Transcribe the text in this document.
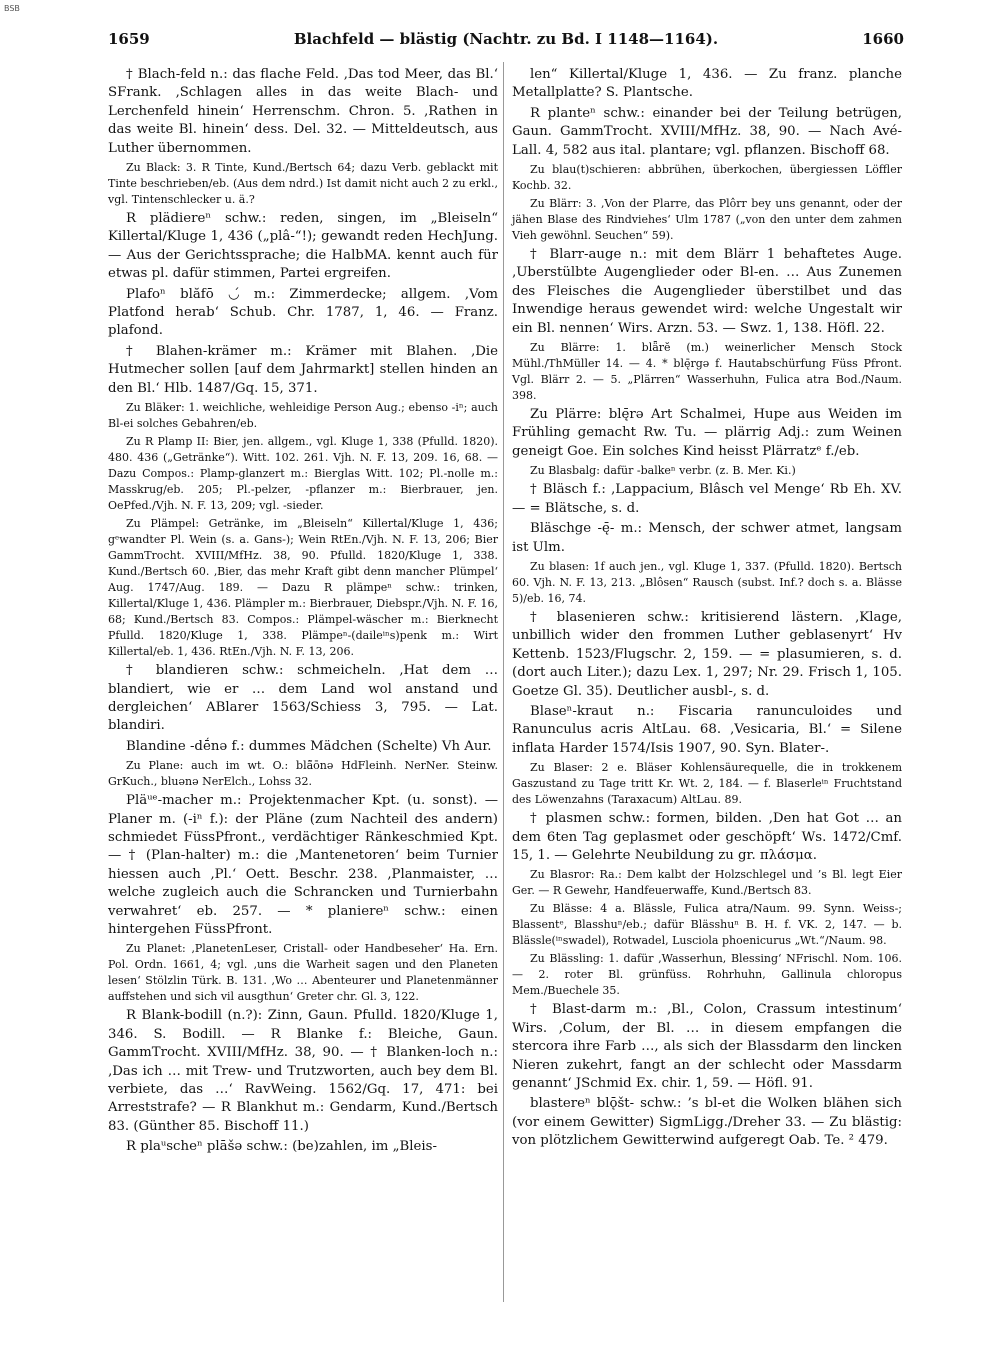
BSB
1659	Blachfeld — blästig (Nachtr. zu Bd. I 1148—1164).	1660

† Blach-feld n.: das flache Feld. ‚Das tod Meer, das Bl.‘ SFrank. ‚Schlagen alles in das weite Blach- und Lerchenfeld hinein‘ Herrenschm. Chron. 5. ‚Rathen in das weite Bl. hinein‘ dess. Del. 32. — Mitteldeutsch, aus Luther übernommen.

Zu Black: 3. R Tinte, Kund./Bertsch 64; dazu Verb. geblackt mit Tinte beschrieben/eb. (Aus dem ndrd.) Ist damit nicht auch 2 zu erkl., vgl. Tintenschlecker u. ä.?

R plädiereⁿ schw.: reden, singen, im „Bleiseln“ Killertal/Kluge 1, 436 („plâ-“!); gewandt reden HechJung. — Aus der Gerichtssprache; die HalbMA. kennt auch für etwas pl. dafür stimmen, Partei ergreifen.

Plafoⁿ blăfō ◡́ m.: Zimmerdecke; allgem. ‚Vom Platfond herab‘ Schub. Chr. 1787, 1, 46. — Franz. plafond.

† Blahen-krämer m.: Krämer mit Blahen. ‚Die Hutmecher sollen [auf dem Jahrmarkt] stellen hinden an den Bl.‘ Hlb. 1487/Gq. 15, 371.

Zu Bläker: 1. weichliche, wehleidige Person Aug.; ebenso -iⁿ; auch Bl-ei solches Gebahren/eb.

Zu R Plamp II: Bier, jen. allgem., vgl. Kluge 1, 338 (Pfulld. 1820). 480. 436 („Getränke“). Witt. 102. 261. Vjh. N. F. 13, 209. 16, 68. — Dazu Compos.: Plamp-glanzert m.: Bierglas Witt. 102; Pl.-nolle m.: Masskrug/eb. 205; Pl.-pelzer, -pflanzer m.: Bierbrauer, jen. OePfed./Vjh. N. F. 13, 209; vgl. -sieder.

Zu Plämpel: Getränke, im „Bleiseln“ Killertal/Kluge 1, 436; gᵉwandter Pl. Wein (s. a. Gans-); Wein RtEn./Vjh. N. F. 13, 206; Bier GammTrocht. XVIII/MfHz. 38, 90. Pfulld. 1820/Kluge 1, 338. Kund./Bertsch 60. ‚Bier, das mehr Kraft gibt denn mancher Plümpel‘ Aug. 1747/Aug. 189. — Dazu R plämpeⁿ schw.: trinken, Killertal/Kluge 1, 436. Plämpler m.: Bierbrauer, Diebspr./Vjh. N. F. 16, 68; Kund./Bertsch 83. Compos.: Plämpel-wäscher m.: Bierknecht Pfulld. 1820/Kluge 1, 338. Plämpeⁿ-(daileⁱⁿs)penk m.: Wirt Killertal/eb. 1, 436. RtEn./Vjh. N. F. 13, 206.

† blandieren schw.: schmeicheln. ‚Hat dem … blandiert, wie er … dem Land wol anstand und dergleichen‘ ABlarer 1563/Schiess 3, 795. — Lat. blandiri.

Blandine -dḗnə f.: dummes Mädchen (Schelte) Vh Aur.

Zu Plane: auch im wt. O.: blā̃ōnə HdFleinh. NerNer. Steinw. GrKuch., bluənə NerElch., Lohss 32.

Pläᵘᵉ-macher m.: Projektenmacher Kpt. (u. sonst). — Planer m. (-iⁿ f.): der Pläne (zum Nachteil des andern) schmiedet FüssPfront., verdächtiger Ränkeschmied Kpt. — † (Plan-halter) m.: die ‚Mantenetoren‘ beim Turnier hiessen auch ‚Pl.‘ Oett. Beschr. 238. ‚Planmaister, … welche zugleich auch die Schrancken und Turnierbahn verwahret‘ eb. 257. — * planiereⁿ schw.: einen hintergehen FüssPfront.

Zu Planet: ‚PlanetenLeser, Cristall- oder Handbeseher‘ Ha. Ern. Pol. Ordn. 1661, 4; vgl. ‚uns die Warheit sagen und den Planeten lesen‘ Stölzlin Türk. B. 131. ‚Wo … Abenteurer und Planetenmänner auffstehen und sich vil ausgthun‘ Greter chr. Gl. 3, 122.

R Blank-bodill (n.?): Zinn, Gaun. Pfulld. 1820/Kluge 1, 346. S. Bodill. — R Blanke f.: Bleiche, Gaun. GammTrocht. XVIII/MfHz. 38, 90. — † Blanken-loch n.: ‚Das ich … mit Trew- und Trutzworten, auch bey dem Bl. verbiete, das …‘ RavWeing. 1562/Gq. 17, 471: bei Arreststrafe? — R Blankhut m.: Gendarm, Kund./Bertsch 83. (Günther 85. Bischoff 11.)

R plaᵘscheⁿ plāšə schw.: (be)zahlen, im „Bleis-

len“ Killertal/Kluge 1, 436. — Zu franz. planche Metallplatte? S. Plantsche.

R planteⁿ schw.: einander bei der Teilung betrügen, Gaun. GammTrocht. XVIII/MfHz. 38, 90. — Nach Avé-Lall. 4, 582 aus ital. plantare; vgl. pflanzen. Bischoff 68.

Zu blau(t)schieren: abbrühen, überkochen, übergiessen Löffler Kochb. 32.

Zu Blärr: 3. ‚Von der Plarre, das Plôrr bey uns genannt, oder der jähen Blase des Rindviehes‘ Ulm 1787 („von den unter dem zahmen Vieh gewöhnl. Seuchen“ 59).

† Blarr-auge n.: mit dem Blärr 1 behaftetes Auge. ‚Uberstülbte Augenglieder oder Bl-en. … Aus Zunemen des Fleisches die Augenglieder überstilbet und das Inwendige heraus gewendet wird: welche Ungestalt wir ein Bl. nennen‘ Wirs. Arzn. 53. — Swz. 1, 138. Höfl. 22.

Zu Blärre: 1. blǟrĕ (m.) weinerlicher Mensch Stock Mühl./ThMüller 14. — 4. * blę̄rgə f. Hautabschürfung Füss Pfront. Vgl. Blärr 2. — 5. „Plärren“ Wasserhuhn, Fulica atra Bod./Naum. 398.

Zu Plärre: blę̄rə Art Schalmei, Hupe aus Weiden im Frühling gemacht Rw. Tu. — plärrig Adj.: zum Weinen geneigt Goe. Ein solches Kind heisst Plärratzᵉ f./eb.

Zu Blasbalg: dafür -balkeⁿ verbr. (z. B. Mer. Ki.)

† Bläsch f.: ‚Lappacium, Blâsch vel Menge‘ Rb Eh. XV. — = Blätsche, s. d.

Bläschge -ę̄- m.: Mensch, der schwer atmet, langsam ist Ulm.

Zu blasen: 1f auch jen., vgl. Kluge 1, 337. (Pfulld. 1820). Bertsch 60. Vjh. N. F. 13, 213. „Blôsen“ Rausch (subst. Inf.? doch s. a. Blässe 5)/eb. 16, 74.

† blasenieren schw.: kritisierend lästern. ‚Klage, unbillich wider den frommen Luther geblasenyrt‘ Hv Kettenb. 1523/Flugschr. 2, 159. — = plasumieren, s. d. (dort auch Liter.); dazu Lex. 1, 297; Nr. 29. Frisch 1, 105. Goetze Gl. 35). Deutlicher ausbl-, s. d.

Blaseⁿ-kraut n.: Fiscaria ranunculoides und Ranunculus acris AltLau. 68. ‚Vesicaria, Bl.‘ = Silene inflata Harder 1574/Isis 1907, 90. Syn. Blater-.

Zu Blaser: 2 e. Bläser Kohlensäurequelle, die in trokkenem Gaszustand zu Tage tritt Kr. Wt. 2, 184. — f. Blaserleⁱⁿ Fruchtstand des Löwenzahns (Taraxacum) AltLau. 89.

† plasmen schw.: formen, bilden. ‚Den hat Got … an dem 6ten Tag geplasmet oder geschöpft‘ Ws. 1472/Cmf. 15, 1. — Gelehrte Neubildung zu gr. πλάσμα.

Zu Blasror: Ra.: Dem kalbt der Holzschlegel und ’s Bl. legt Eier Ger. — R Gewehr, Handfeuerwaffe, Kund./Bertsch 83.

Zu Blässe: 4 a. Blässle, Fulica atra/Naum. 99. Synn. Weiss-; Blassentᵉ, Blasshuⁿ/eb.; dafür Blässhuⁿ B. H. f. VK. 2, 147. — b. Blässle(ⁱⁿswadel), Rotwadel, Lusciola phoenicurus „Wt.“/Naum. 98.

Zu Blässling: 1. dafür ‚Wasserhun, Blessing‘ NFrischl. Nom. 106. — 2. roter Bl. grünfüss. Rohrhuhn, Gallinula chloropus Mem./Buechele 35.

† Blast-darm m.: ‚Bl., Colon, Crassum intestinum‘ Wirs. ‚Colum, der Bl. … in diesem empfangen die stercora ihre Farb …, als sich der Blassdarm den lincken Nieren zukehrt, fangt an der schlecht oder Massdarm genannt‘ JSchmid Ex. chir. 1, 59. — Höfl. 91.

blastereⁿ blǭšt- schw.: ’s bl-et die Wolken blähen sich (vor einem Gewitter) SigmLigg./Dreher 33. — Zu blästig: von plötzlichem Gewitterwind aufgeregt Oab. Te. ² 479.
